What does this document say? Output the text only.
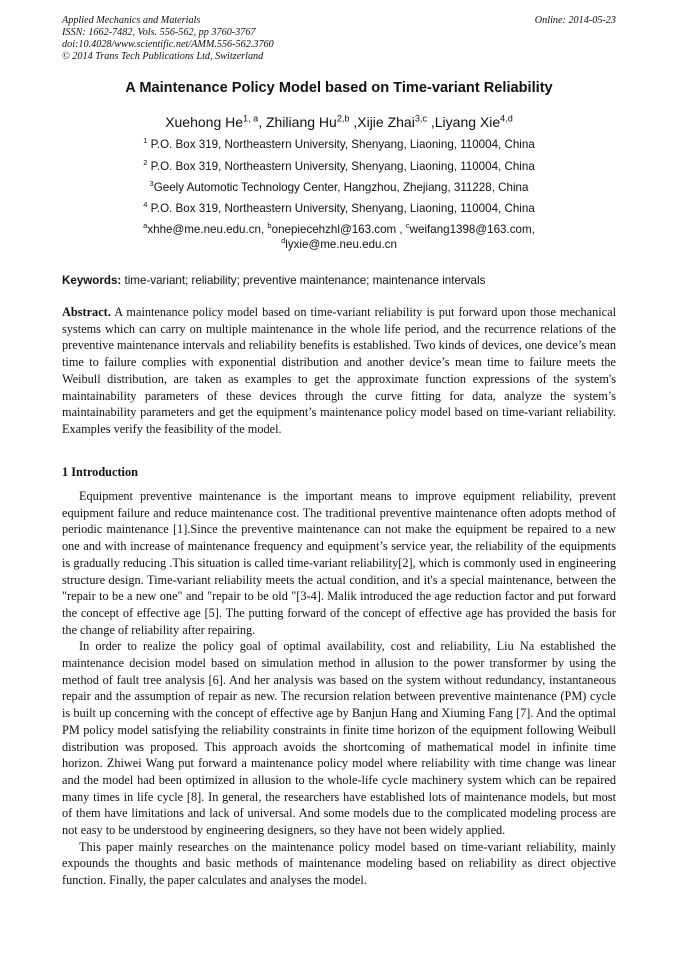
Applied Mechanics and Materials
ISSN: 1662-7482, Vols. 556-562, pp 3760-3767
doi:10.4028/www.scientific.net/AMM.556-562.3760
© 2014 Trans Tech Publications Ltd, Switzerland
Online: 2014-05-23
A Maintenance Policy Model based on Time-variant Reliability
Xuehong He$^{1, a}$, Zhiliang Hu$^{2,b}$ ,Xijie Zhai$^{3,c}$ ,Liyang Xie$^{4,d}$
$^1$ P.O. Box 319, Northeastern University, Shenyang, Liaoning, 110004, China
$^2$ P.O. Box 319, Northeastern University, Shenyang, Liaoning, 110004, China
$^3$Geely Automotic Technology Center, Hangzhou, Zhejiang, 311228, China
$^4$ P.O. Box 319, Northeastern University, Shenyang, Liaoning, 110004, China
$^a$xhhe@me.neu.edu.cn, $^b$onepiecehzhl@163.com , $^c$weifang1398@163.com,
$^d$lyxie@me.neu.edu.cn
Keywords: time-variant; reliability; preventive maintenance; maintenance intervals
Abstract. A maintenance policy model based on time-variant reliability is put forward upon those mechanical systems which can carry on multiple maintenance in the whole life period, and the recurrence relations of the preventive maintenance intervals and reliability benefits is established. Two kinds of devices, one device’s mean time to failure complies with exponential distribution and another device’s mean time to failure meets the Weibull distribution, are taken as examples to get the approximate function expressions of the system's maintainability parameters of these devices through the curve fitting for data, analyze the system’s maintainability parameters and get the equipment’s maintenance policy model based on time-variant reliability. Examples verify the feasibility of the model.
1 Introduction

Equipment preventive maintenance is the important means to improve equipment reliability, prevent equipment failure and reduce maintenance cost. The traditional preventive maintenance often adopts method of periodic maintenance [1].Since the preventive maintenance can not make the equipment be repaired to a new one and with increase of maintenance frequency and equipment’s service year, the reliability of the equipments is gradually reducing .This situation is called time-variant reliability[2], which is commonly used in engineering structure design. Time-variant reliability meets the actual condition, and it's a special maintenance, between the "repair to be a new one" and "repair to be old "[3-4]. Malik introduced the age reduction factor and put forward the concept of effective age [5]. The putting forward of the concept of effective age has provided the basis for the change of reliability after repairing.

In order to realize the policy goal of optimal availability, cost and reliability, Liu Na established the maintenance decision model based on simulation method in allusion to the power transformer by using the method of fault tree analysis [6]. And her analysis was based on the system without redundancy, instantaneous repair and the assumption of repair as new. The recursion relation between preventive maintenance (PM) cycle is built up concerning with the concept of effective age by Banjun Hang and Xiuming Fang [7]. And the optimal PM policy model satisfying the reliability constraints in finite time horizon of the equipment following Weibull distribution was proposed. This approach avoids the shortcoming of mathematical model in infinite time horizon. Zhiwei Wang put forward a maintenance policy model where reliability with time change was linear and the model had been optimized in allusion to the whole-life cycle machinery system which can be repaired many times in life cycle [8]. In general, the researchers have established lots of maintenance models, but most of them have limitations and lack of universal. And some models due to the complicated modeling process are not easy to be understood by engineering designers, so they have not been widely applied.

This paper mainly researches on the maintenance policy model based on time-variant reliability, mainly expounds the thoughts and basic methods of maintenance modeling based on reliability as direct objective function. Finally, the paper calculates and analyses the model.
